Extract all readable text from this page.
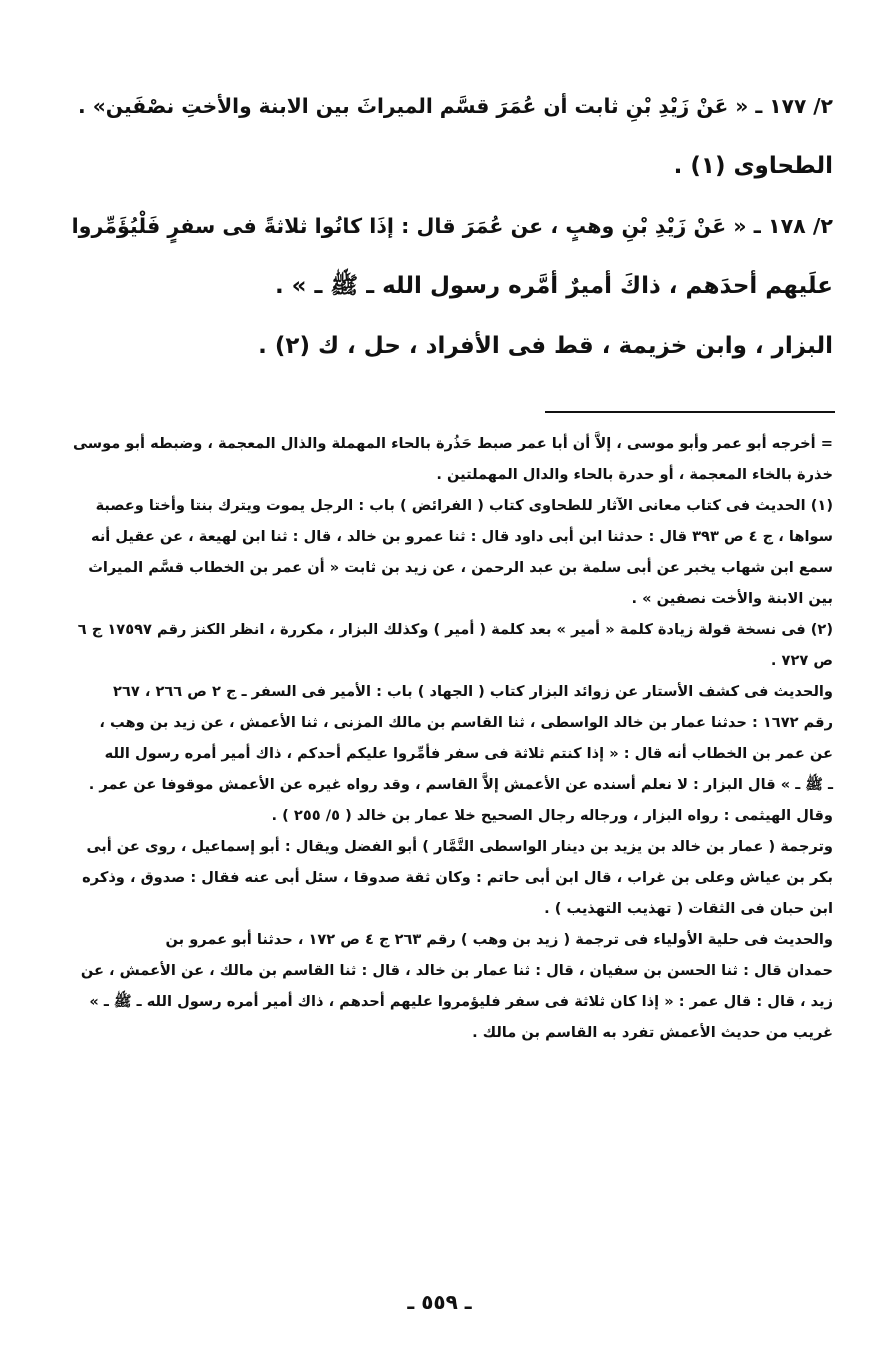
٢/ ١٧٧ ـ « عَنْ زَيْدِ بْنِ ثابت أن عُمَرَ قسَّم الميراثَ بين الابنة والأختِ نصْفَين» .
الطحاوى (١) .
٢/ ١٧٨ ـ « عَنْ زَيْدِ بْنِ وهبٍ ، عن عُمَرَ قال : إذَا كانُوا ثلاثةً فى سفرٍ فَلْيُؤَمِّروا
علَيهم أحدَهم ، ذاكَ أميرٌ أمَّره رسول الله ـ ﷺ ـ » .
البزار ، وابن خزيمة ، قط فى الأفراد ، حل ، ك (٢) .
= أخرجه أبو عمر وأبو موسى ، إلاَّ أن أبا عمر صبط حَذُرة بالحاء المهملة والذال المعجمة ، وضبطه أبو موسى
خذرة بالخاء المعجمة ، أو حدرة بالحاء والدال المهملتين .
(١) الحديث فى كتاب معانى الآثار للطحاوى كتاب ( الفرائض ) باب : الرجل يموت ويترك بنتا وأختا وعصبة
سواها ، ج ٤ ص ٣٩٣ قال : حدثنا ابن أبى داود قال : ثنا عمرو بن خالد ، قال : ثنا ابن لهيعة ، عن عقيل أنه
سمع ابن شهاب يخبر عن أبى سلمة بن عبد الرحمن ، عن زيد بن ثابت « أن عمر بن الخطاب قسَّم الميراث
بين الابنة والأخت نصفين » .
(٢) فى نسخة قولة زيادة كلمة « أمير » بعد كلمة ( أمير ) وكذلك البزار ، مكررة ، انظر الكنز رقم ١٧٥٩٧ ج ٦
ص ٧٢٧ .
والحديث فى كشف الأستار عن زوائد البزار كتاب ( الجهاد ) باب : الأمير فى السفر ـ ج ٢ ص ٢٦٦ ، ٢٦٧
رقم ١٦٧٢ : حدثنا عمار بن خالد الواسطى ، ثنا القاسم بن مالك المزنى ، ثنا الأعمش ، عن زيد بن وهب ،
عن عمر بن الخطاب أنه قال : « إذا كنتم ثلاثة فى سفر فأمِّروا عليكم أحدكم ، ذاك أمير أمره رسول الله
ـ ﷺ ـ » قال البزار : لا نعلم أسنده عن الأعمش إلاَّ القاسم ، وقد رواه غيره عن الأعمش موقوفا عن عمر .
وقال الهيثمى : رواه البزار ، ورجاله رجال الصحيح خلا عمار بن خالد ( ٥/ ٢٥٥ ) .
وترجمة ( عمار بن خالد بن يزيد بن دينار الواسطى التَّمَّار ) أبو الفضل ويقال : أبو إسماعيل ، روى عن أبى
بكر بن عياش وعلى بن غراب ، قال ابن أبى حاتم : وكان ثقة صدوقا ، سئل أبى عنه فقال : صدوق ، وذكره
ابن حبان فى الثقات ( تهذيب التهذيب ) .
والحديث فى حلية الأولياء فى ترجمة ( زيد بن وهب ) رقم ٢٦٣ ج ٤ ص ١٧٢ ، حدثنا أبو عمرو بن
حمدان قال : ثنا الحسن بن سفيان ، قال : ثنا عمار بن خالد ، قال : ثنا القاسم بن مالك ، عن الأعمش ، عن
زيد ، قال : قال عمر : « إذا كان ثلاثة فى سفر فليؤمروا عليهم أحدهم ، ذاك أمير أمره رسول الله ـ ﷺ ـ »
غريب من حديث الأعمش تفرد به القاسم بن مالك .
ـ ٥٥٩ ـ
